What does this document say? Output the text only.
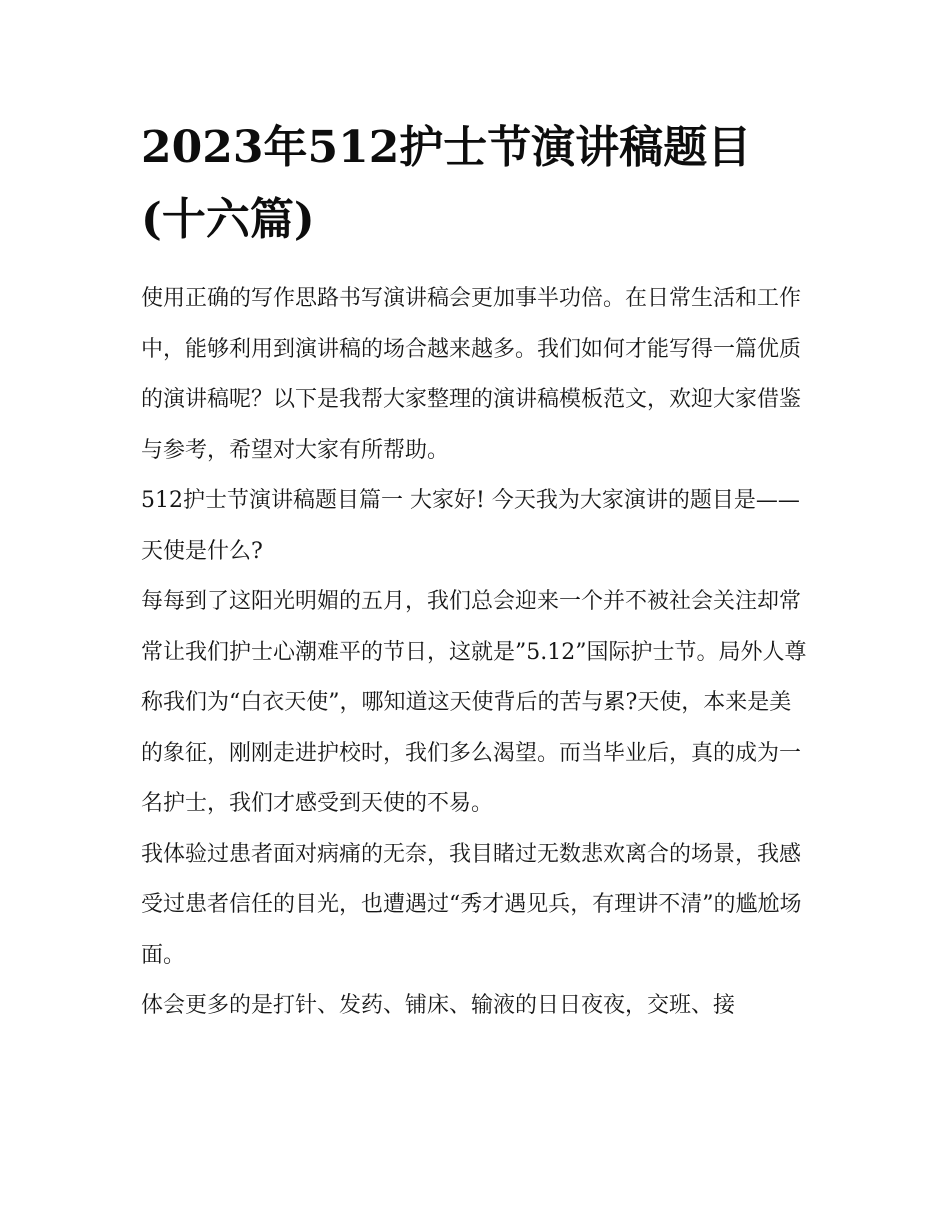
2023年512护士节演讲稿题目
(十六篇)

使用正确的写作思路书写演讲稿会更加事半功倍。在日常生活和工作中，能够利用到演讲稿的场合越来越多。我们如何才能写得一篇优质的演讲稿呢？以下是我帮大家整理的演讲稿模板范文，欢迎大家借鉴与参考，希望对大家有所帮助。

512护士节演讲稿题目篇一 大家好! 今天我为大家演讲的题目是——天使是什么?

每每到了这阳光明媚的五月，我们总会迎来一个并不被社会关注却常常让我们护士心潮难平的节日，这就是”5.12”国际护士节。局外人尊称我们为“白衣天使”，哪知道这天使背后的苦与累?天使，本来是美的象征，刚刚走进护校时，我们多么渴望。而当毕业后，真的成为一名护士，我们才感受到天使的不易。

我体验过患者面对病痛的无奈，我目睹过无数悲欢离合的场景，我感受过患者信任的目光，也遭遇过“秀才遇见兵，有理讲不清”的尴尬场面。

体会更多的是打针、发药、铺床、输液的日日夜夜，交班、接
